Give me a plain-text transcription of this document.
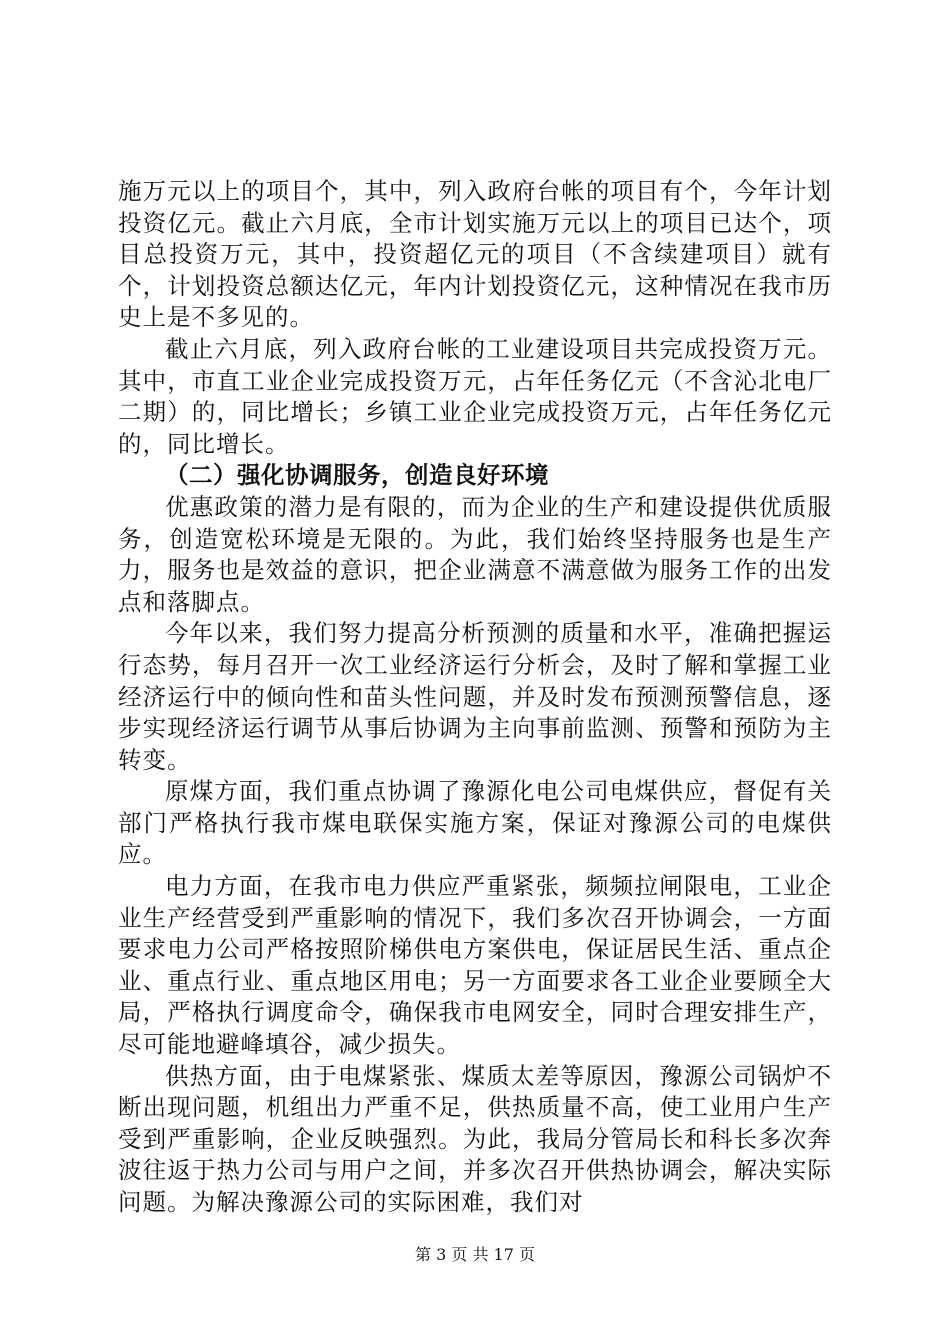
施万元以上的项目个，其中，列入政府台帐的项目有个，今年计划投资亿元。截止六月底，全市计划实施万元以上的项目已达个，项目总投资万元，其中，投资超亿元的项目（不含续建项目）就有个，计划投资总额达亿元，年内计划投资亿元，这种情况在我市历史上是不多见的。

截止六月底，列入政府台帐的工业建设项目共完成投资万元。其中，市直工业企业完成投资万元，占年任务亿元（不含沁北电厂二期）的，同比增长；乡镇工业企业完成投资万元，占年任务亿元的，同比增长。

（二）强化协调服务，创造良好环境

优惠政策的潜力是有限的，而为企业的生产和建设提供优质服务，创造宽松环境是无限的。为此，我们始终坚持服务也是生产力，服务也是效益的意识，把企业满意不满意做为服务工作的出发点和落脚点。

今年以来，我们努力提高分析预测的质量和水平，准确把握运行态势，每月召开一次工业经济运行分析会，及时了解和掌握工业经济运行中的倾向性和苗头性问题，并及时发布预测预警信息，逐步实现经济运行调节从事后协调为主向事前监测、预警和预防为主转变。

原煤方面，我们重点协调了豫源化电公司电煤供应，督促有关部门严格执行我市煤电联保实施方案，保证对豫源公司的电煤供应。

电力方面，在我市电力供应严重紧张，频频拉闸限电，工业企业生产经营受到严重影响的情况下，我们多次召开协调会，一方面要求电力公司严格按照阶梯供电方案供电，保证居民生活、重点企业、重点行业、重点地区用电；另一方面要求各工业企业要顾全大局，严格执行调度命令，确保我市电网安全，同时合理安排生产，尽可能地避峰填谷，减少损失。

供热方面，由于电煤紧张、煤质太差等原因，豫源公司锅炉不断出现问题，机组出力严重不足，供热质量不高，使工业用户生产受到严重影响，企业反映强烈。为此，我局分管局长和科长多次奔波往返于热力公司与用户之间，并多次召开供热协调会，解决实际问题。为解决豫源公司的实际困难，我们对

第 3 页 共 17 页
